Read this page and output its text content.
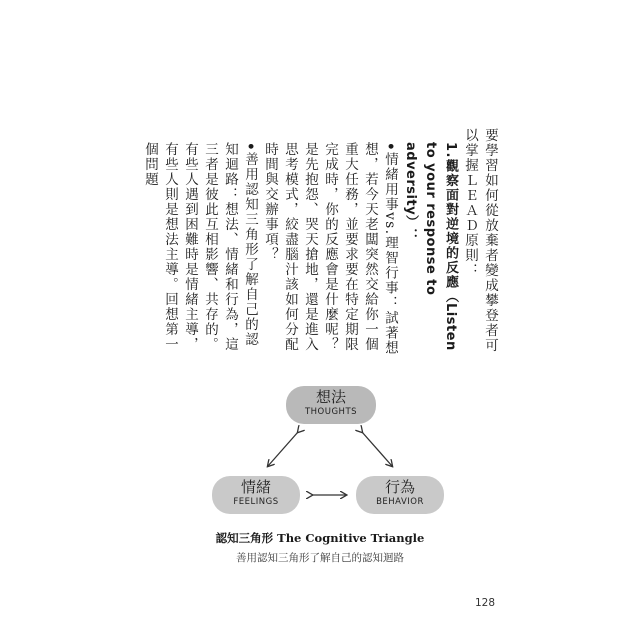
要學習如何從放棄者變成攀登者可以掌握ＬＥＡＤ原則：

1.觀察面對逆境的反應（Listen to your response to adversity）：

•情緒用事vs.理智行事：試著想想，若今天老闆突然交給你一個重大任務，並要求要在特定期限完成時，你的反應會是什麼呢？是先抱怨、哭天搶地，還是進入思考模式，絞盡腦汁該如何分配時間與交辦事項？

•善用認知三角形了解自己的認知迴路：想法、情緒和行為，這三者是彼此互相影響、共存的。有些人遇到困難時是情緒主導，有些人則是想法主導。回想第一個問題

想法
THOUGHTS
情緒
FEELINGS
行為
BEHAVIOR
認知三角形 The Cognitive Triangle
善用認知三角形了解自己的認知迴路
128
